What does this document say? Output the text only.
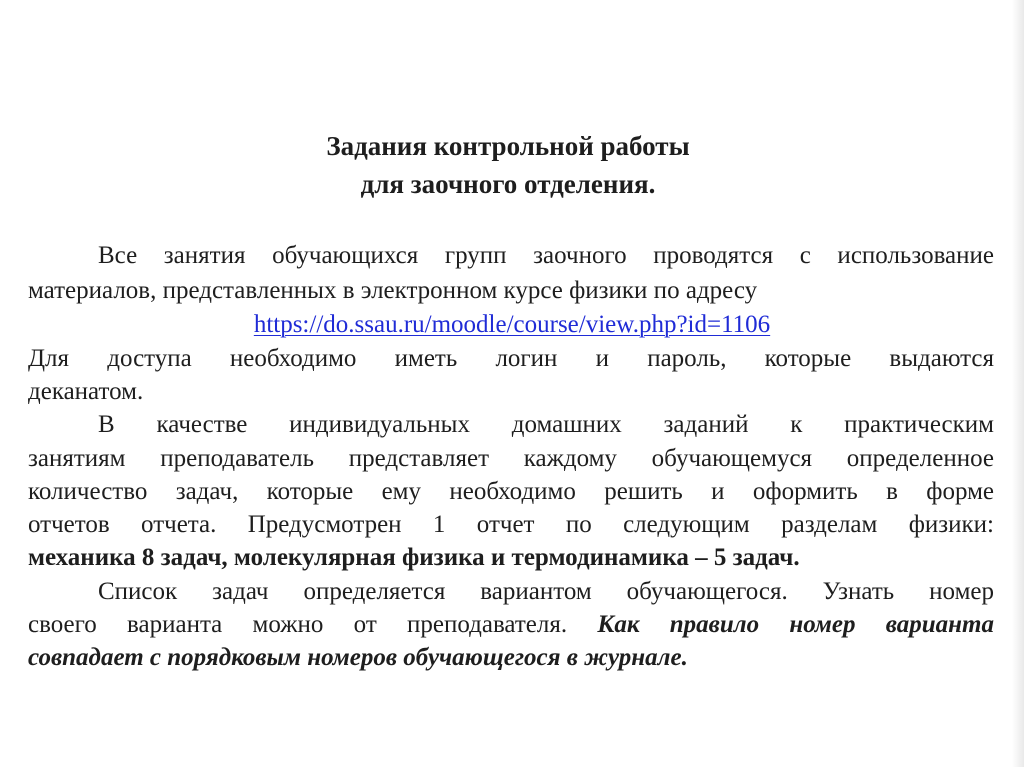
Задания контрольной работы
для заочного отделения.

Все занятия обучающихся групп заочного проводятся с использование

материалов, представленных в электронном курсе физики по адресу

https://do.ssau.ru/moodle/course/view.php?id=1106

Для доступа необходимо иметь логин и пароль, которые выдаются

деканатом.

В качестве индивидуальных домашних заданий к практическим

занятиям преподаватель представляет каждому обучающемуся определенное

количество задач, которые ему необходимо решить и оформить в форме

отчетов отчета. Предусмотрен 1 отчет по следующим разделам физики:

механика 8 задач, молекулярная физика и термодинамика – 5 задач.

Список задач определяется вариантом обучающегося. Узнать номер

своего варианта можно от преподавателя. Как правило номер варианта

совпадает с порядковым номеров обучающегося в журнале.
